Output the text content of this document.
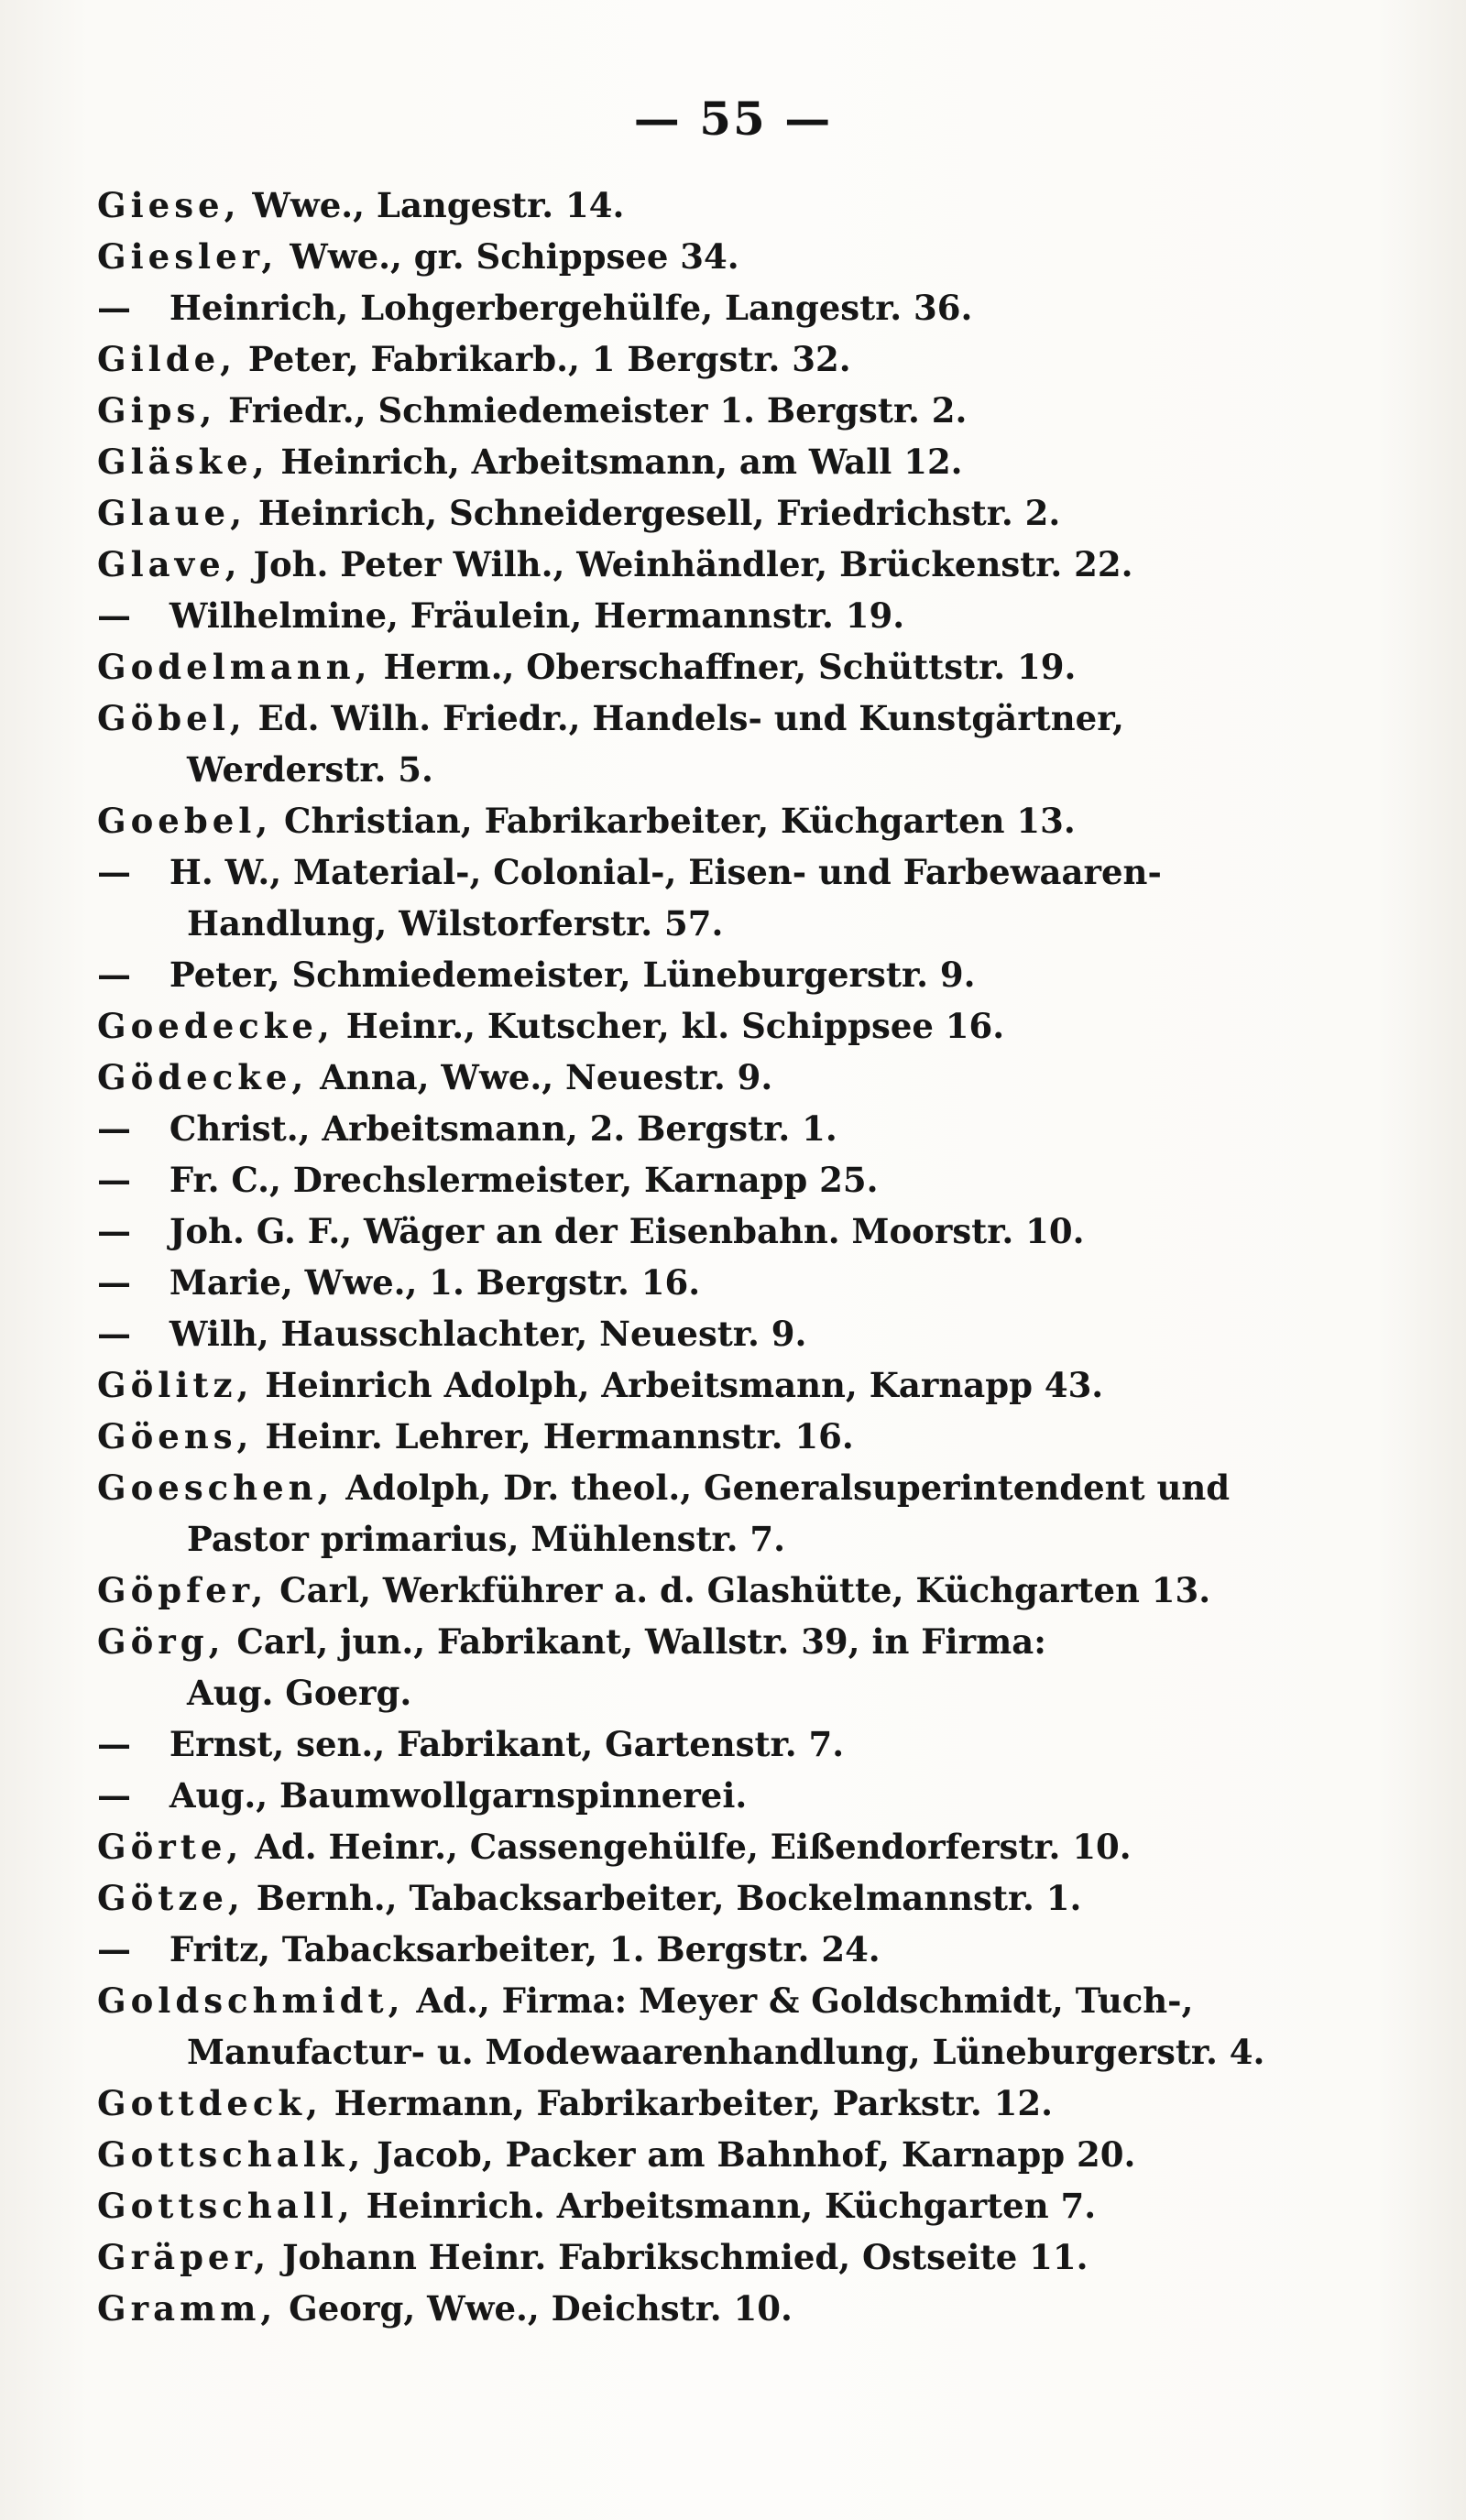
— 55 —
Giese, Wwe., Langestr. 14.
Giesler, Wwe., gr. Schippsee 34.
— Heinrich, Lohgerbergehülfe, Langestr. 36.
Gilde, Peter, Fabrikarb., 1 Bergstr. 32.
Gips, Friedr., Schmiedemeister 1. Bergstr. 2.
Gläske, Heinrich, Arbeitsmann, am Wall 12.
Glaue, Heinrich, Schneidergesell, Friedrichstr. 2.
Glave, Joh. Peter Wilh., Weinhändler, Brückenstr. 22.
— Wilhelmine, Fräulein, Hermannstr. 19.
Godelmann, Herm., Oberschaffner, Schüttstr. 19.
Göbel, Ed. Wilh. Friedr., Handels- und Kunstgärtner,
Werderstr. 5.
Goebel, Christian, Fabrikarbeiter, Küchgarten 13.
— H. W., Material-, Colonial-, Eisen- und Farbewaaren-
Handlung, Wilstorferstr. 57.
— Peter, Schmiedemeister, Lüneburgerstr. 9.
Goedecke, Heinr., Kutscher, kl. Schippsee 16.
Gödecke, Anna, Wwe., Neuestr. 9.
— Christ., Arbeitsmann, 2. Bergstr. 1.
— Fr. C., Drechslermeister, Karnapp 25.
— Joh. G. F., Wäger an der Eisenbahn. Moorstr. 10.
— Marie, Wwe., 1. Bergstr. 16.
— Wilh, Hausschlachter, Neuestr. 9.
Gölitz, Heinrich Adolph, Arbeitsmann, Karnapp 43.
Göens, Heinr. Lehrer, Hermannstr. 16.
Goeschen, Adolph, Dr. theol., Generalsuperintendent und
Pastor primarius, Mühlenstr. 7.
Göpfer, Carl, Werkführer a. d. Glashütte, Küchgarten 13.
Görg, Carl, jun., Fabrikant, Wallstr. 39, in Firma:
Aug. Goerg.
— Ernst, sen., Fabrikant, Gartenstr. 7.
— Aug., Baumwollgarnspinnerei.
Görte, Ad. Heinr., Cassengehülfe, Eißendorferstr. 10.
Götze, Bernh., Tabacksarbeiter, Bockelmannstr. 1.
— Fritz, Tabacksarbeiter, 1. Bergstr. 24.
Goldschmidt, Ad., Firma: Meyer & Goldschmidt, Tuch-,
Manufactur- u. Modewaarenhandlung, Lüneburgerstr. 4.
Gottdeck, Hermann, Fabrikarbeiter, Parkstr. 12.
Gottschalk, Jacob, Packer am Bahnhof, Karnapp 20.
Gottschall, Heinrich. Arbeitsmann, Küchgarten 7.
Gräper, Johann Heinr. Fabrikschmied, Ostseite 11.
Gramm, Georg, Wwe., Deichstr. 10.
